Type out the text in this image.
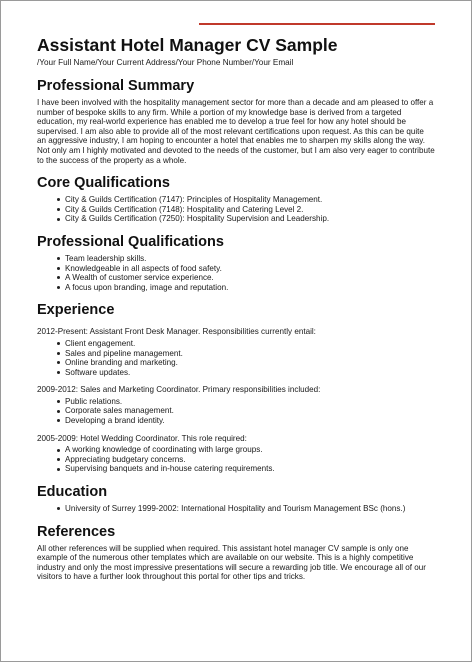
Assistant Hotel Manager CV Sample
/Your Full Name/Your Current Address/Your Phone Number/Your Email
Professional Summary

I have been involved with the hospitality management sector for more than a decade and am pleased to offer a number of bespoke skills to any firm. While a portion of my knowledge base is derived from a targeted education, my real-world experience has enabled me to develop a true feel for how any hotel should be supervised. I am also able to provide all of the most relevant certifications upon request. As this can be quite an aggressive industry, I am hoping to encounter a hotel that enables me to sharpen my skills along the way. Not only am I highly motivated and devoted to the needs of the customer, but I am also very eager to contribute to the success of the property as a whole.

Core Qualifications
City & Guilds Certification (7147): Principles of Hospitality Management.
City & Guilds Certification (7148): Hospitality and Catering Level 2.
City & Guilds Certification (7250): Hospitality Supervision and Leadership.
Professional Qualifications
Team leadership skills.
Knowledgeable in all aspects of food safety.
A Wealth of customer service experience.
A focus upon branding, image and reputation.
Experience
2012-Present: Assistant Front Desk Manager. Responsibilities currently entail:
Client engagement.
Sales and pipeline management.
Online branding and marketing.
Software updates.
2009-2012: Sales and Marketing Coordinator. Primary responsibilities included:
Public relations.
Corporate sales management.
Developing a brand identity.
2005-2009: Hotel Wedding Coordinator. This role required:
A working knowledge of coordinating with large groups.
Appreciating budgetary concerns.
Supervising banquets and in-house catering requirements.
Education
University of Surrey 1999-2002: International Hospitality and Tourism Management BSc (hons.)
References

All other references will be supplied when required. This assistant hotel manager CV sample is only one example of the numerous other templates which are available on our website. This is a highly competitive industry and only the most impressive presentations will secure a rewarding job title. We encourage all of our visitors to have a further look throughout this portal for other tips and tricks.
